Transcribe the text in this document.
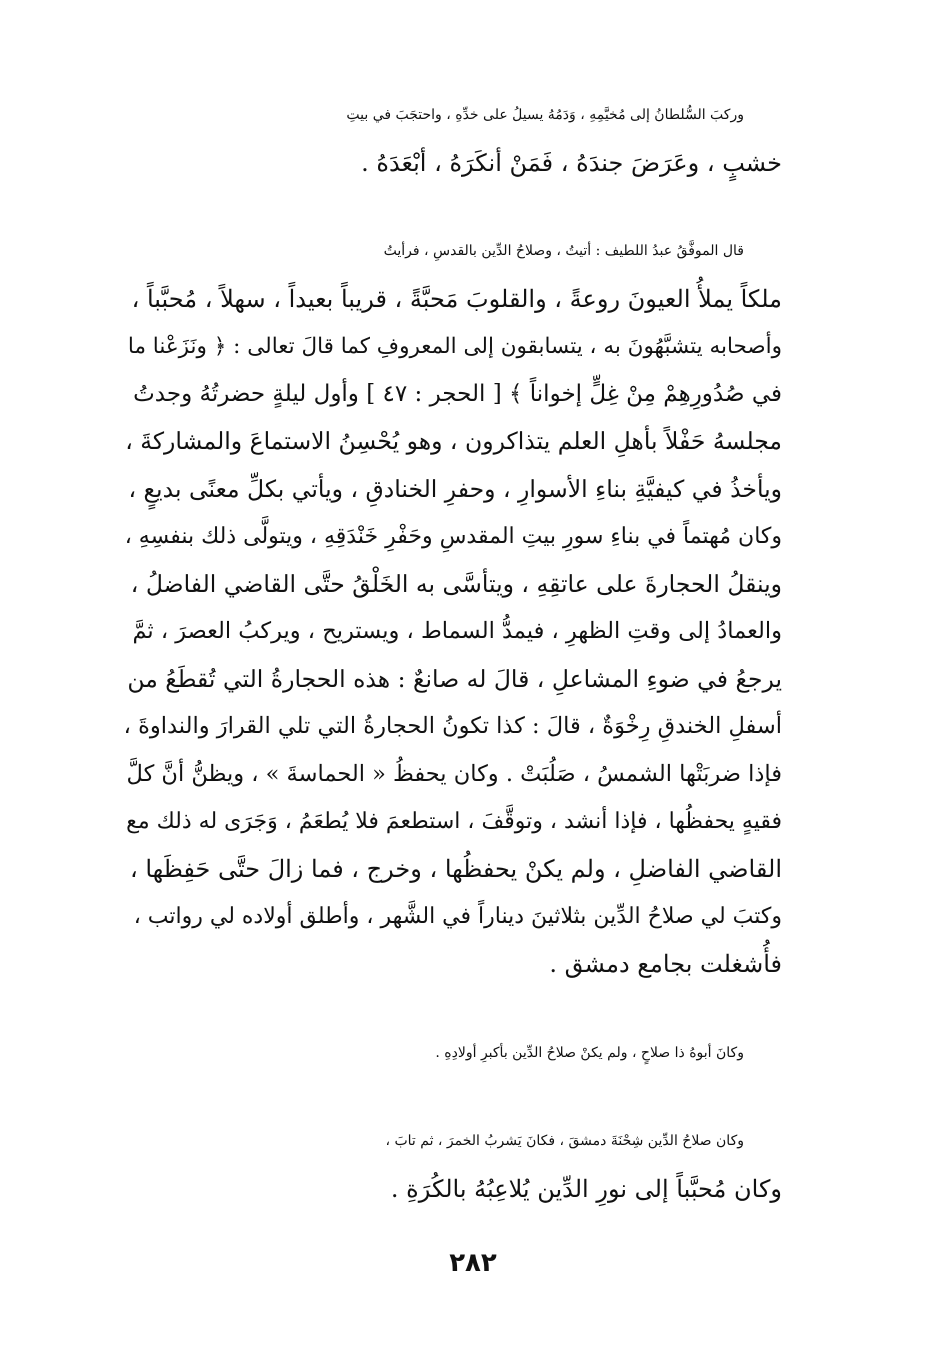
وركبَ السُّلطانُ إلى مُخيَّمِهِ ، وَدَمُهُ يسيلُ على خدِّهِ ، واحتجَبَ في بيتِ
خشبٍ ، وعَرَضَ جندَهُ ، فَمَنْ أنكَرَهُ ، أبْعَدَهُ .
قال الموفَّقُ عبدُ اللطيف : أتيتُ ، وصلاحُ الدِّين بالقدسِ ، فرأيتُ
ملكاً يملأُ العيونَ روعةً ، والقلوبَ مَحبَّةً ، قريباً بعيداً ، سهلاً ، مُحبَّباً ،
وأصحابه يتشبَّهُونَ به ، يتسابقون إلى المعروفِ كما قالَ تعالى : ﴿ ونَزَعْنا ما
في صُدُورِهِمْ مِنْ غِلٍّ إخواناً ﴾ [ الحجر : ٤٧ ] وأول ليلةٍ حضرتُهُ وجدتُ
مجلسهُ حَفْلاً بأهلِ العلم يتذاكرون ، وهو يُحْسِنُ الاستماعَ والمشاركةَ ،
ويأخذُ في كيفيَّةِ بناءِ الأسوارِ ، وحفرِ الخنادقِ ، ويأتي بكلِّ معنًى بديعٍ ،
وكان مُهتماً في بناءِ سورِ بيتِ المقدسِ وحَفْرِ خَنْدَقِهِ ، ويتولَّى ذلك بنفسِهِ ،
وينقلُ الحجارةَ على عاتقِهِ ، ويتأسَّى به الخَلْقُ حتَّى القاضي الفاضلُ ،
والعمادُ إلى وقتِ الظهرِ ، فيمدُّ السماط ، ويستريح ، ويركبُ العصرَ ، ثمَّ
يرجعُ في ضوءِ المشاعلِ ، قالَ له صانعٌ : هذه الحجارةُ التي تُقطَعُ من
أسفلِ الخندقِ رِخْوَةٌ ، قالَ : كذا تكونُ الحجارةُ التي تلي القرارَ والنداوةَ ،
فإذا ضربَتْها الشمسُ ، صَلُبَتْ . وكان يحفظُ « الحماسةَ » ، ويظنُّ أنَّ كلَّ
فقيهٍ يحفظُها ، فإذا أنشد ، وتوقَّفَ ، استطعمَ فلا يُطعَمُ ، وَجَرَى له ذلك مع
القاضي الفاضلِ ، ولم يكنْ يحفظُها ، وخرج ، فما زالَ حتَّى حَفِظَها ،
وكتبَ لي صلاحُ الدِّين بثلاثينَ ديناراً في الشَّهر ، وأطلق أولاده لي رواتب ،
فأُشغلت بجامع دمشق .
وكانَ أبوهُ ذا صلاحٍ ، ولم يكنْ صلاحُ الدِّين بأكبرِ أولادِهِ .
وكان صلاحُ الدِّين شِحْنَةَ دمشقَ ، فكانَ يَشربُ الخمرَ ، ثم تابَ ،
وكان مُحبَّباً إلى نورِ الدِّين يُلاعِبُهُ بالكُرَةِ .
٢٨٢
